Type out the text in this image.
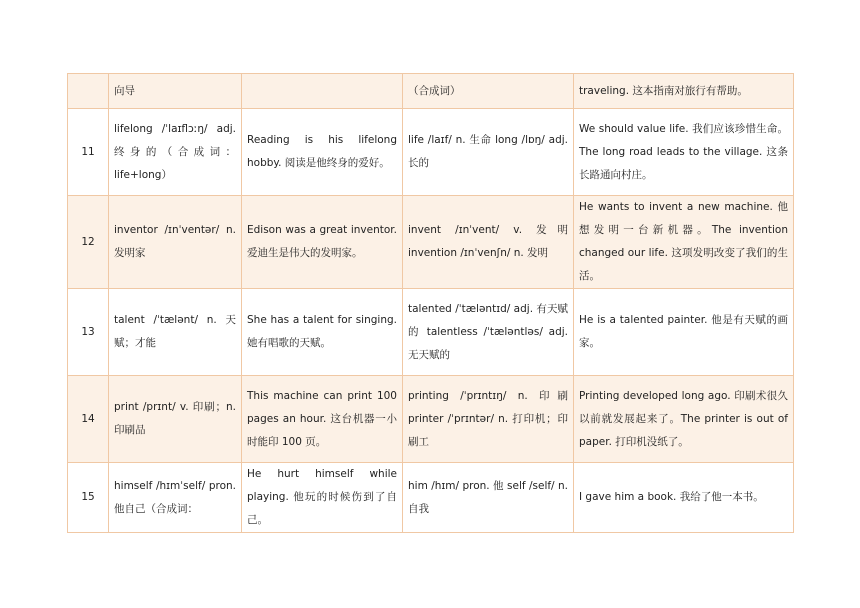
	向导		（合成词）	traveling. 这本指南对旅行有帮助。
11	lifelong /ˈlaɪflɔːŋ/ adj. 终身的（合成词：life+long）	Reading is his lifelong hobby. 阅读是他终身的爱好。	life /laɪf/ n. 生命 long /lɒŋ/ adj. 长的	We should value life. 我们应该珍惜生命。The long road leads to the village. 这条长路通向村庄。
12	inventor /ɪnˈventər/ n. 发明家	Edison was a great inventor. 爱迪生是伟大的发明家。	invent /ɪnˈvent/ v. 发明 invention /ɪnˈvenʃn/ n. 发明	He wants to invent a new machine. 他想发明一台新机器。The invention changed our life. 这项发明改变了我们的生活。
13	talent /ˈtælənt/ n. 天赋；才能	She has a talent for singing. 她有唱歌的天赋。	talented /ˈtæləntɪd/ adj. 有天赋的 talentless /ˈtæləntləs/ adj. 无天赋的	He is a talented painter. 他是有天赋的画家。
14	print /prɪnt/ v. 印刷；n. 印刷品	This machine can print 100 pages an hour. 这台机器一小时能印 100 页。	printing /ˈprɪntɪŋ/ n. 印刷 printer /ˈprɪntər/ n. 打印机；印刷工	Printing developed long ago. 印刷术很久以前就发展起来了。The printer is out of paper. 打印机没纸了。
15	himself /hɪmˈself/ pron. 他自己（合成词：	He hurt himself while playing. 他玩的时候伤到了自己。	him /hɪm/ pron. 他 self /self/ n. 自我	I gave him a book. 我给了他一本书。
